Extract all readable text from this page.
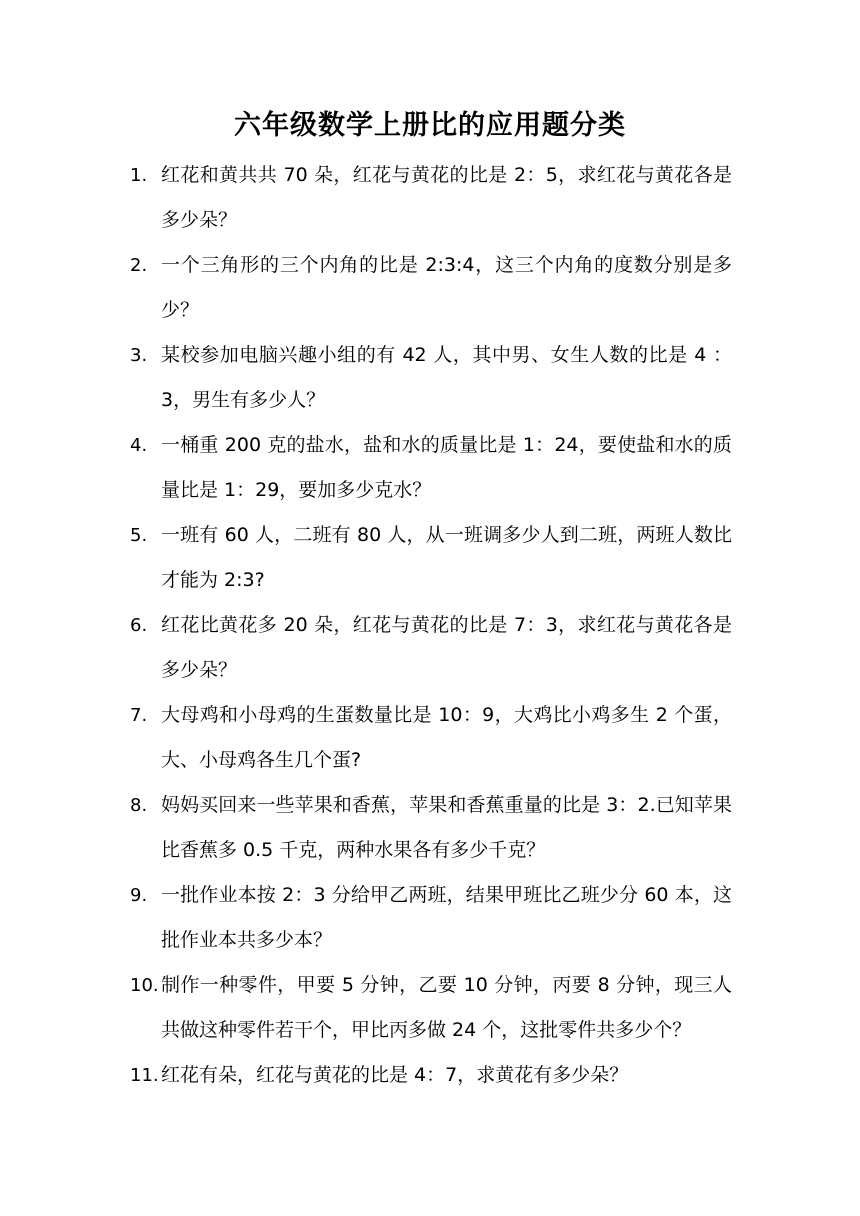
六年级数学上册比的应用题分类
1. 红花和黄共共 70 朵，红花与黄花的比是 2：5，求红花与黄花各是多少朵？
2. 一个三角形的三个内角的比是 2:3:4，这三个内角的度数分别是多少？
3. 某校参加电脑兴趣小组的有 42 人，其中男、女生人数的比是 4 ：3，男生有多少人？
4. 一桶重 200 克的盐水，盐和水的质量比是 1：24，要使盐和水的质量比是 1：29，要加多少克水？
5. 一班有 60 人，二班有 80 人，从一班调多少人到二班，两班人数比才能为 2:3?
6. 红花比黄花多 20 朵，红花与黄花的比是 7：3，求红花与黄花各是多少朵？
7. 大母鸡和小母鸡的生蛋数量比是 10：9，大鸡比小鸡多生 2 个蛋，大、小母鸡各生几个蛋?
8. 妈妈买回来一些苹果和香蕉，苹果和香蕉重量的比是 3：2.已知苹果比香蕉多 0.5 千克，两种水果各有多少千克？
9. 一批作业本按 2：3 分给甲乙两班，结果甲班比乙班少分 60 本，这批作业本共多少本？
10. 制作一种零件，甲要 5 分钟，乙要 10 分钟，丙要 8 分钟，现三人共做这种零件若干个，甲比丙多做 24 个，这批零件共多少个？
11. 红花有朵，红花与黄花的比是 4：7，求黄花有多少朵？
